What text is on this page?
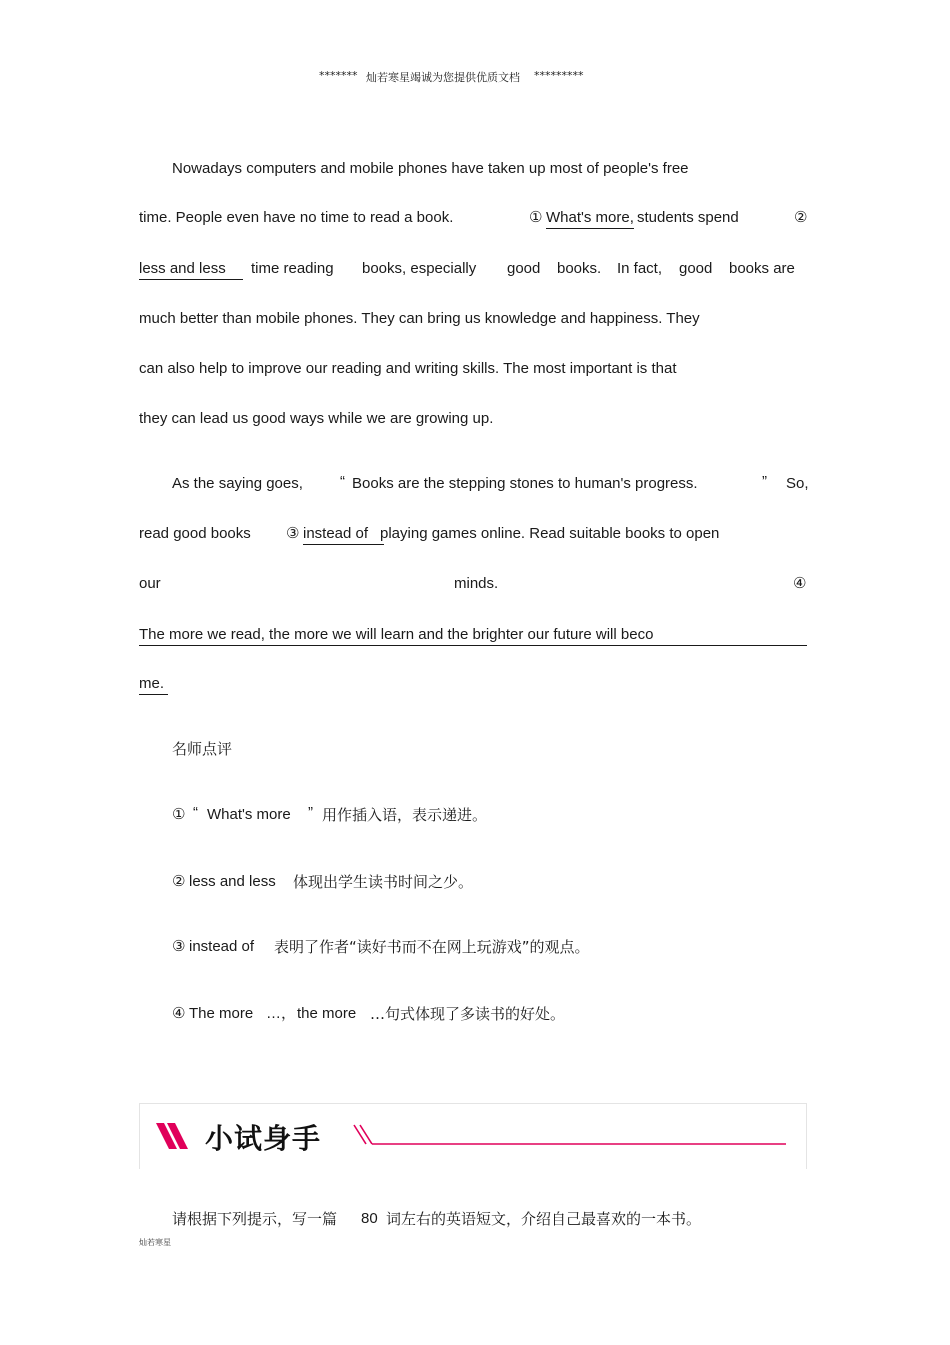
******* 灿若寒星竭诚为您提供优质文档 *********
Nowadays computers and mobile phones have taken up most of people's free
time. People even have no time to read a book.	① What's more, students spend	②
less and less	time reading books, especially good books. In fact, good books are
much better than mobile phones. They can bring us knowledge and happiness. They
can also help to improve our reading and writing skills. The most important is that
they can lead us good ways while we are growing up.
As the saying goes, “ Books are the stepping stones to human's progress.	” So,
read good books ③ instead of playing games online. Read suitable books to open
our	minds.	④
The more we read, the more we will learn and the brighter our future will beco
me.
名师点评
① “ What's more ” 用作插入语，表示递进。
② less and less 体现出学生读书时间之少。
③ instead of 表明了作者“读好书而不在网上玩游戏”的观点。
④ The more …， the more …句式体现了多读书的好处。
小试身手
请根据下列提示，写一篇 80 词左右的英语短文，介绍自己最喜欢的一本书。
灿若寒星
